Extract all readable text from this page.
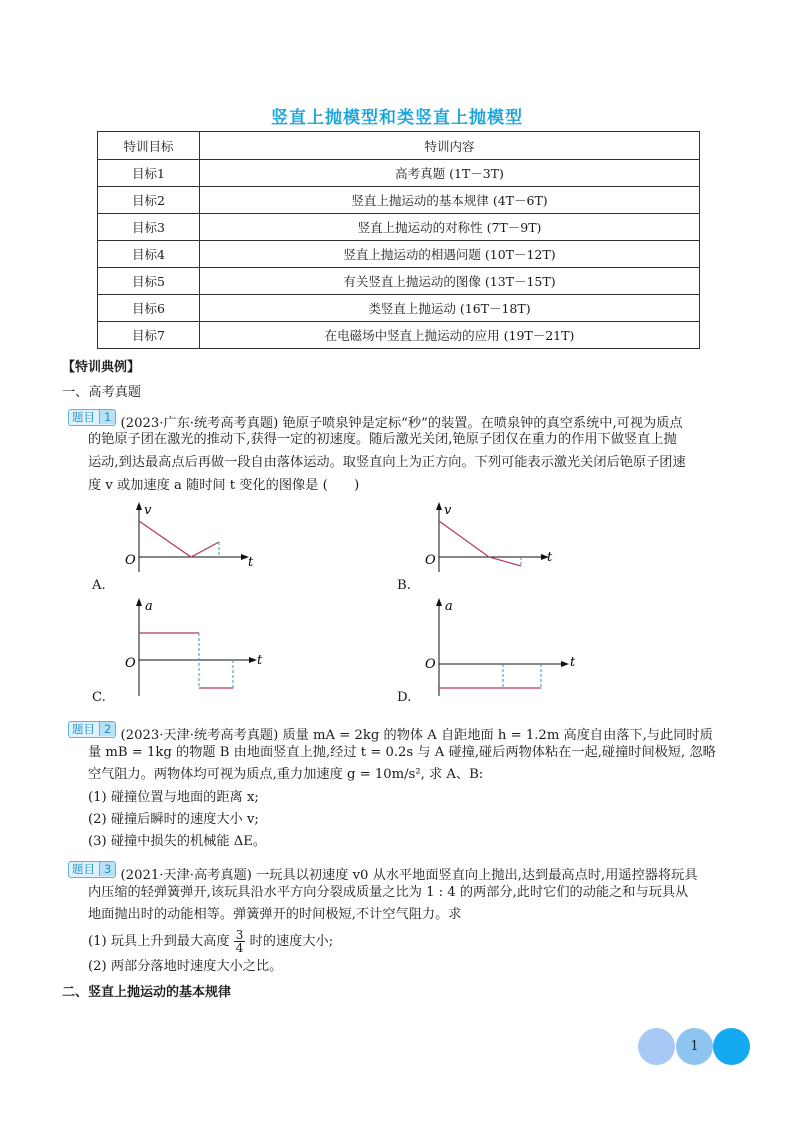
竖直上抛模型和类竖直上抛模型
特训目标	特训内容
目标1	高考真题 (1T－3T)
目标2	竖直上抛运动的基本规律 (4T－6T)
目标3	竖直上抛运动的对称性 (7T－9T)
目标4	竖直上抛运动的相遇问题 (10T－12T)
目标5	有关竖直上抛运动的图像 (13T－15T)
目标6	类竖直上抛运动 (16T－18T)
目标7	在电磁场中竖直上抛运动的应用 (19T－21T)
【特训典例】
一、高考真题
题目 1 (2023·广东·统考高考真题) 铯原子喷泉钟是定标“秒”的装置。在喷泉钟的真空系统中,可视为质点
的铯原子团在激光的推动下,获得一定的初速度。随后激光关闭,铯原子团仅在重力的作用下做竖直上抛
运动,到达最高点后再做一段自由落体运动。取竖直向上为正方向。下列可能表示激光关闭后铯原子团速
度 v 或加速度 a 随时间 t 变化的图像是 (　　)
v
O	t
A.
v
O	t
B.
a
O	t
C.
a
O	t
D.
题目 2 (2023·天津·统考高考真题) 质量 mA = 2kg 的物体 A 自距地面 h = 1.2m 高度自由落下,与此同时质
量 mB = 1kg 的物题 B 由地面竖直上抛,经过 t = 0.2s 与 A 碰撞,碰后两物体粘在一起,碰撞时间极短, 忽略
空气阻力。两物体均可视为质点,重力加速度 g = 10m/s², 求 A、B:
(1) 碰撞位置与地面的距离 x;
(2) 碰撞后瞬时的速度大小 v;
(3) 碰撞中损失的机械能 ΔE。
题目 3 (2021·天津·高考真题) 一玩具以初速度 v0 从水平地面竖直向上抛出,达到最高点时,用遥控器将玩具
内压缩的轻弹簧弹开,该玩具沿水平方向分裂成质量之比为 1 : 4 的两部分,此时它们的动能之和与玩具从
地面抛出时的动能相等。弹簧弹开的时间极短,不计空气阻力。求
(1) 玩具上升到最大高度 $\frac{3}{4}$ 时的速度大小;
(2) 两部分落地时速度大小之比。
二、竖直上抛运动的基本规律
1
